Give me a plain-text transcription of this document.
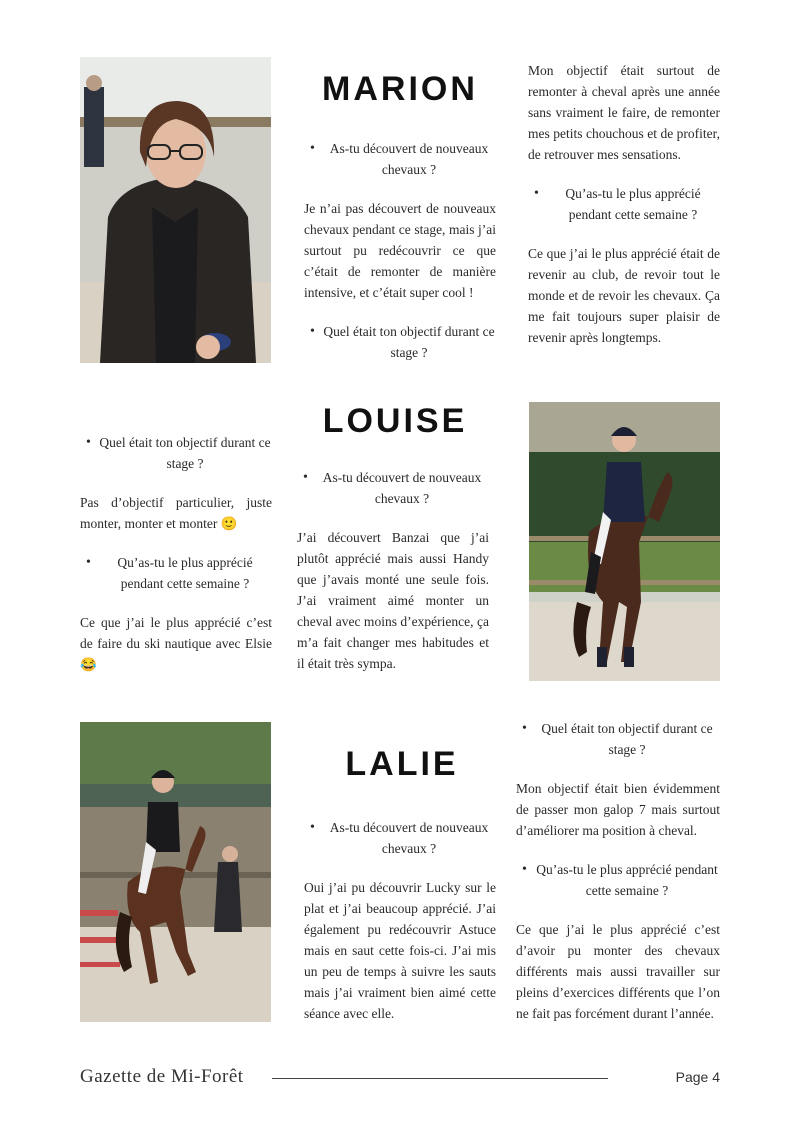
MARION

• As-tu découvert de nouveaux chevaux ?

Je n’ai pas découvert de nouveaux chevaux pendant ce stage, mais j’ai surtout pu redécouvrir ce que c’était de remonter de manière intensive, et c’était super cool !

• Quel était ton objectif durant ce stage ?

Mon objectif était surtout de remonter à cheval après une année sans vraiment le faire, de remonter mes petits chouchous et de profiter, de retrouver mes sensations.

• Qu’as-tu le plus apprécié pendant cette semaine ?

Ce que j’ai le plus apprécié était de revenir au club, de revoir tout le monde et de revoir les chevaux. Ça me fait toujours super plaisir de revenir après longtemps.

LOUISE

• Quel était ton objectif durant ce stage ?

Pas d’objectif particulier, juste monter, monter et monter 🙂

• Qu’as-tu le plus apprécié pendant cette semaine ?

Ce que j’ai le plus apprécié c’est de faire du ski nautique avec Elsie 😂

• As-tu découvert de nouveaux chevaux ?

J’ai découvert Banzai que j’ai plutôt apprécié mais aussi Handy que j’avais monté une seule fois. J’ai vraiment aimé monter un cheval avec moins d’expérience, ça m’a fait changer mes habitudes et il était très sympa.

LALIE

• As-tu découvert de nouveaux chevaux ?

Oui j’ai pu découvrir Lucky sur le plat et j’ai beaucoup apprécié. J’ai également pu redécouvrir Astuce mais en saut cette fois-ci. J’ai mis un peu de temps à suivre les sauts mais j’ai vraiment bien aimé cette séance avec elle.

• Quel était ton objectif durant ce stage ?

Mon objectif était bien évidemment de passer mon galop 7 mais surtout d’améliorer ma position à cheval.

• Qu’as-tu le plus apprécié pendant cette semaine ?

Ce que j’ai le plus apprécié c’est d’avoir pu monter des chevaux différents mais aussi travailler sur pleins d’exercices différents que l’on ne fait pas forcément durant l’année.

Gazette de Mi-Forêt	Page 4
